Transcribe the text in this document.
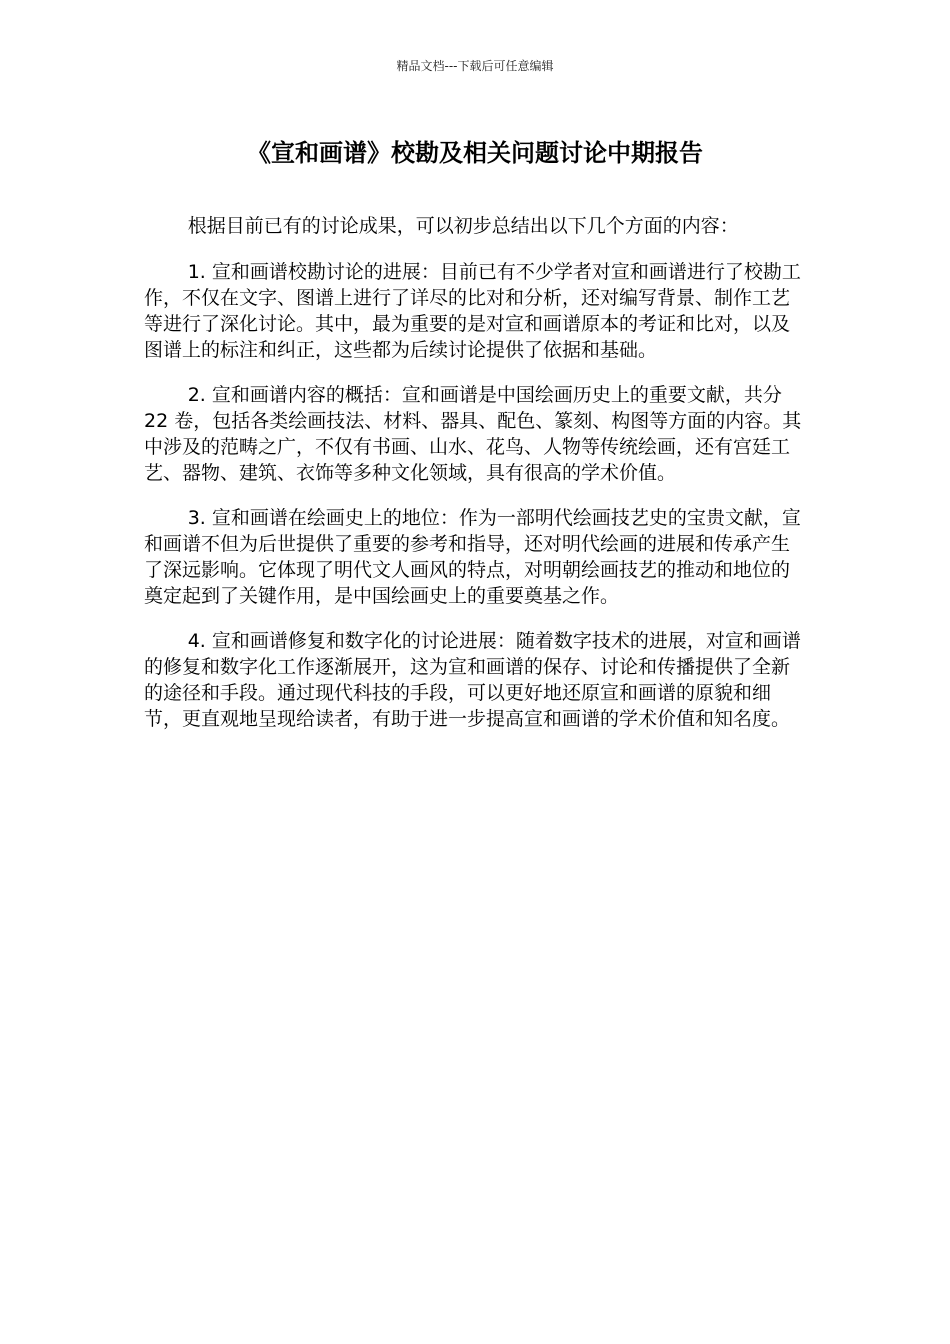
精品文档---下载后可任意编辑
《宣和画谱》校勘及相关问题讨论中期报告

根据目前已有的讨论成果，可以初步总结出以下几个方面的内容：

1. 宣和画谱校勘讨论的进展：目前已有不少学者对宣和画谱进行了校勘工作，不仅在文字、图谱上进行了详尽的比对和分析，还对编写背景、制作工艺等进行了深化讨论。其中，最为重要的是对宣和画谱原本的考证和比对，以及图谱上的标注和纠正，这些都为后续讨论提供了依据和基础。

2. 宣和画谱内容的概括：宣和画谱是中国绘画历史上的重要文献，共分 22 卷，包括各类绘画技法、材料、器具、配色、篆刻、构图等方面的内容。其中涉及的范畴之广，不仅有书画、山水、花鸟、人物等传统绘画，还有宫廷工艺、器物、建筑、衣饰等多种文化领域，具有很高的学术价值。

3. 宣和画谱在绘画史上的地位：作为一部明代绘画技艺史的宝贵文献，宣和画谱不但为后世提供了重要的参考和指导，还对明代绘画的进展和传承产生了深远影响。它体现了明代文人画风的特点，对明朝绘画技艺的推动和地位的奠定起到了关键作用，是中国绘画史上的重要奠基之作。

4. 宣和画谱修复和数字化的讨论进展：随着数字技术的进展，对宣和画谱的修复和数字化工作逐渐展开，这为宣和画谱的保存、讨论和传播提供了全新的途径和手段。通过现代科技的手段，可以更好地还原宣和画谱的原貌和细节，更直观地呈现给读者，有助于进一步提高宣和画谱的学术价值和知名度。
